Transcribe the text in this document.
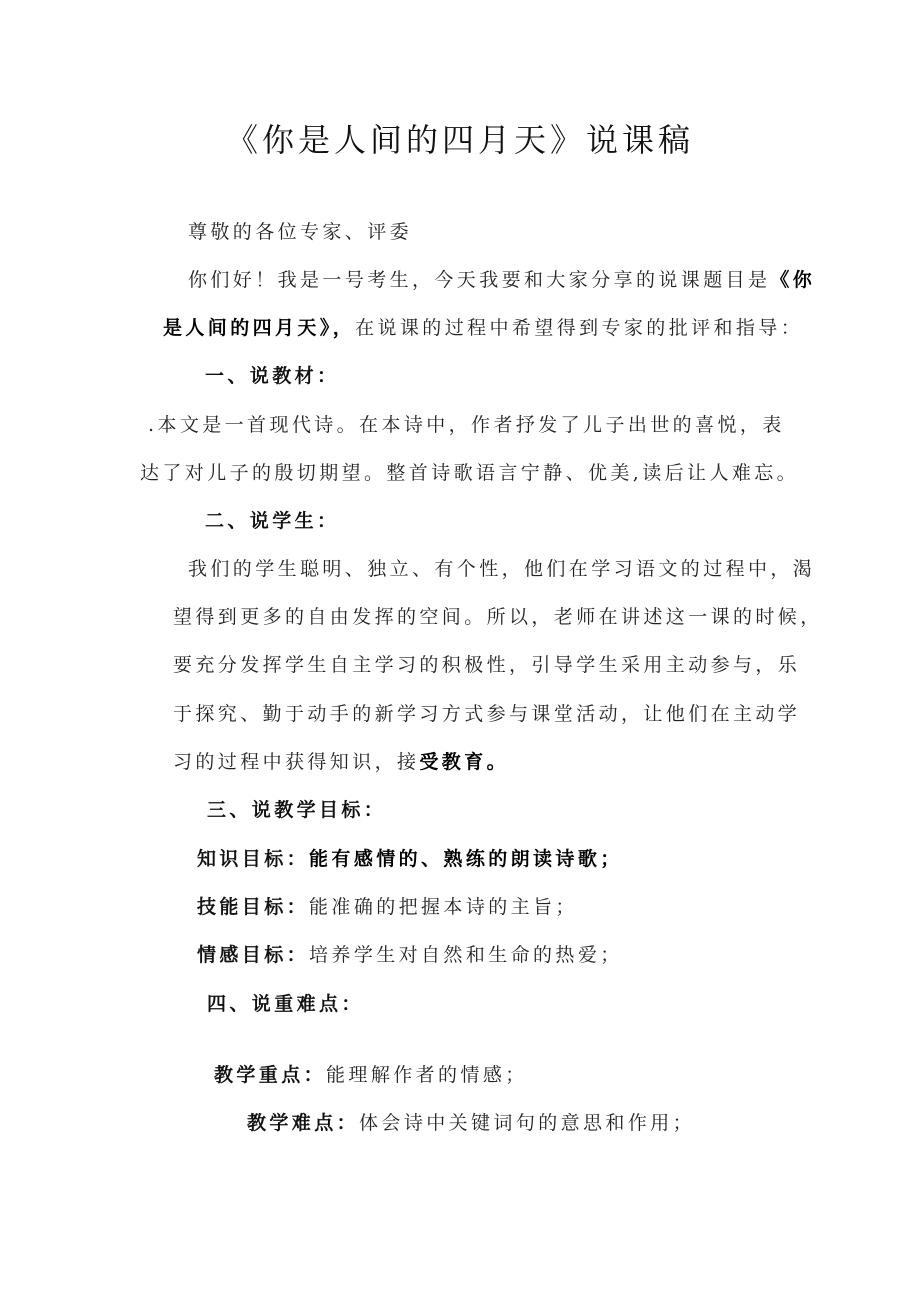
《你是人间的四月天》说课稿
尊敬的各位专家、评委
你们好！我是一号考生，今天我要和大家分享的说课题目是《你
是人间的四月天》，在说课的过程中希望得到专家的批评和指导：
一、说教材：
.本文是一首现代诗。在本诗中，作者抒发了儿子出世的喜悦，表
达了对儿子的殷切期望。整首诗歌语言宁静、优美,读后让人难忘。
二、说学生：
我们的学生聪明、独立、有个性，他们在学习语文的过程中，渴
望得到更多的自由发挥的空间。所以，老师在讲述这一课的时候，
要充分发挥学生自主学习的积极性，引导学生采用主动参与，乐
于探究、勤于动手的新学习方式参与课堂活动，让他们在主动学
习的过程中获得知识，接受教育。
三、说教学目标：
知识目标：能有感情的、熟练的朗读诗歌；
技能目标：能准确的把握本诗的主旨；
情感目标：培养学生对自然和生命的热爱；
四、说重难点：
教学重点：能理解作者的情感；
教学难点：体会诗中关键词句的意思和作用；
